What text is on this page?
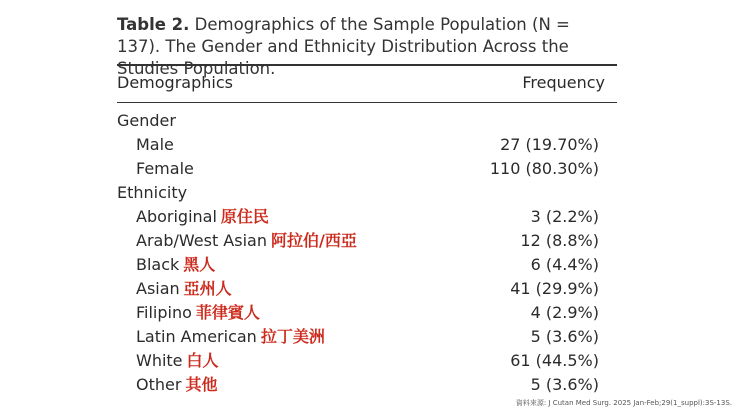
Table 2. Demographics of the Sample Population (N = 137). The Gender and Ethnicity Distribution Across the Studies Population.
Demographics	Frequency
Gender
Male	27 (19.70%)
Female	110 (80.30%)
Ethnicity
Aboriginal 原住民	3 (2.2%)
Arab/West Asian 阿拉伯/西亞	12 (8.8%)
Black 黑人	6 (4.4%)
Asian 亞州人	41 (29.9%)
Filipino 菲律賓人	4 (2.9%)
Latin American 拉丁美洲	5 (3.6%)
White 白人	61 (44.5%)
Other 其他	5 (3.6%)
資料來源: J Cutan Med Surg. 2025 Jan-Feb;29(1_suppl):3S-13S.
